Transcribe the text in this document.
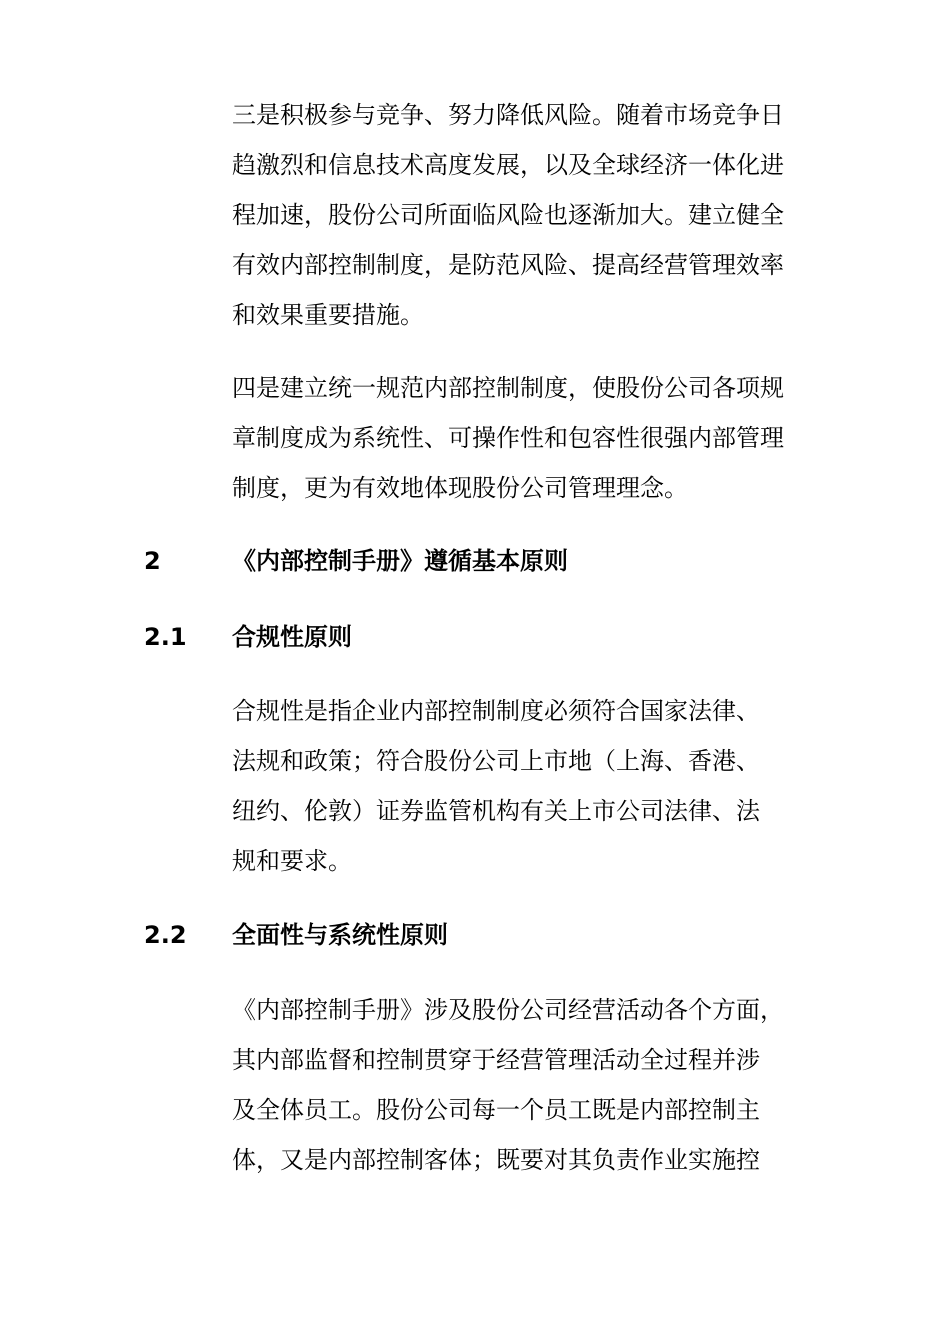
三是积极参与竞争、努力降低风险。随着市场竞争日
趋激烈和信息技术高度发展，以及全球经济一体化进
程加速，股份公司所面临风险也逐渐加大。建立健全
有效内部控制制度，是防范风险、提高经营管理效率
和效果重要措施。

四是建立统一规范内部控制制度，使股份公司各项规
章制度成为系统性、可操作性和包容性很强内部管理
制度，更为有效地体现股份公司管理理念。

2	《内部控制手册》遵循基本原则
2.1 合规性原则

合规性是指企业内部控制制度必须符合国家法律、
法规和政策；符合股份公司上市地（上海、香港、
纽约、伦敦）证券监管机构有关上市公司法律、法
规和要求。

2.2 全面性与系统性原则

《内部控制手册》涉及股份公司经营活动各个方面，
其内部监督和控制贯穿于经营管理活动全过程并涉
及全体员工。股份公司每一个员工既是内部控制主
体，又是内部控制客体；既要对其负责作业实施控
